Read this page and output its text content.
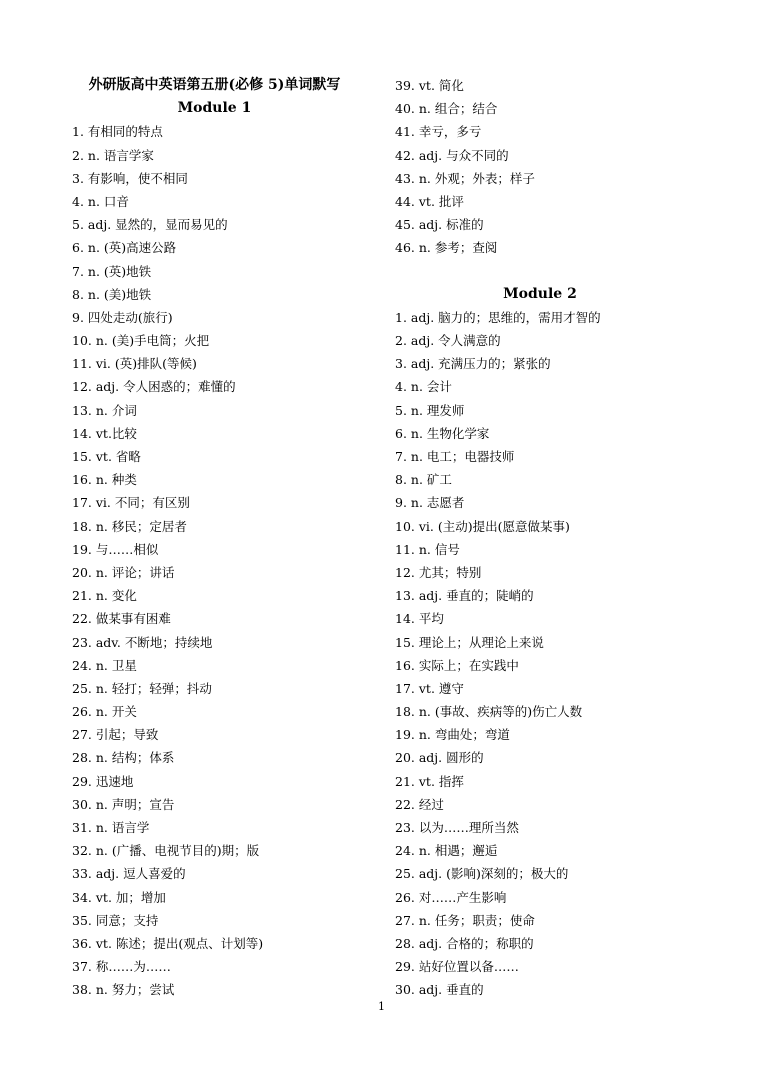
外研版高中英语第五册(必修 5)单词默写
Module 1
1. 有相同的特点
2. n. 语言学家
3. 有影响，使不相同
4. n. 口音
5. adj. 显然的，显而易见的
6. n. (英)高速公路
7. n. (英)地铁
8. n. (美)地铁
9. 四处走动(旅行)
10. n. (美)手电筒；火把
11. vi. (英)排队(等候)
12. adj. 令人困惑的；难懂的
13. n. 介词
14. vt.比较
15. vt. 省略
16. n. 种类
17. vi. 不同；有区别
18. n. 移民；定居者
19. 与……相似
20. n. 评论；讲话
21. n. 变化
22. 做某事有困难
23. adv. 不断地；持续地
24. n. 卫星
25. n. 轻打；轻弹；抖动
26. n. 开关
27. 引起；导致
28. n. 结构；体系
29. 迅速地
30. n. 声明；宣告
31. n. 语言学
32. n. (广播、电视节目的)期；版
33. adj. 逗人喜爱的
34. vt. 加；增加
35. 同意；支持
36. vt. 陈述；提出(观点、计划等)
37. 称……为……
38. n. 努力；尝试
39. vt. 简化
40. n. 组合；结合
41. 幸亏，多亏
42. adj. 与众不同的
43. n. 外观；外表；样子
44. vt. 批评
45. adj. 标准的
46. n. 参考；查阅
Module 2
1. adj. 脑力的；思维的，需用才智的
2. adj. 令人满意的
3. adj. 充满压力的；紧张的
4. n. 会计
5. n. 理发师
6. n. 生物化学家
7. n. 电工；电器技师
8. n. 矿工
9. n. 志愿者
10. vi. (主动)提出(愿意做某事)
11. n. 信号
12. 尤其；特别
13. adj. 垂直的；陡峭的
14. 平均
15. 理论上；从理论上来说
16. 实际上；在实践中
17. vt. 遵守
18. n. (事故、疾病等的)伤亡人数
19. n. 弯曲处；弯道
20. adj. 圆形的
21. vt. 指挥
22. 经过
23. 以为……理所当然
24. n. 相遇；邂逅
25. adj. (影响)深刻的；极大的
26. 对……产生影响
27. n. 任务；职责；使命
28. adj. 合格的；称职的
29. 站好位置以备……
30. adj. 垂直的
1
